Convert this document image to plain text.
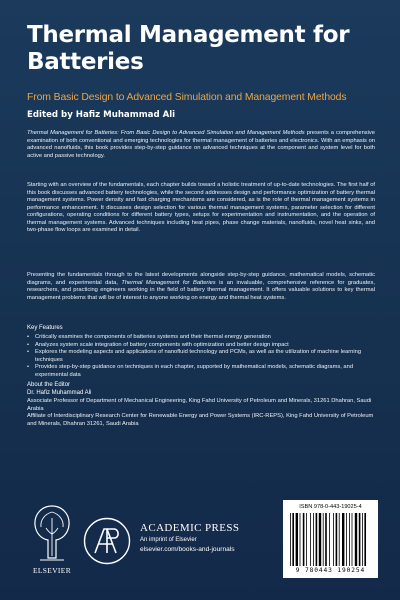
Thermal Management for Batteries
From Basic Design to Advanced Simulation and Management Methods
Edited by Hafiz Muhammad Ali

Thermal Management for Batteries: From Basic Design to Advanced Simulation and Management Methods presents a comprehensive examination of both conventional and emerging technologies for thermal management of batteries and electronics. With an emphasis on advanced nanofluids, this book provides step-by-step guidance on advanced techniques at the component and system level for both active and passive technology.

Starting with an overview of the fundamentals, each chapter builds toward a holistic treatment of up-to-date technologies. The first half of this book discusses advanced battery technologies, while the second addresses design and performance optimization of battery thermal management systems. Power density and fast charging mechanisms are considered, as is the role of thermal management systems in performance enhancement. It discusses design selection for various thermal management systems, parameter selection for different configurations, operating conditions for different battery types, setups for experimentation and instrumentation, and the operation of thermal management systems. Advanced techniques including heat pipes, phase change materials, nanofluids, novel heat sinks, and two-phase flow loops are examined in detail.

Presenting the fundamentals through to the latest developments alongside step-by-step guidance, mathematical models, schematic diagrams, and experimental data, Thermal Management for Batteries is an invaluable, comprehensive reference for graduates, researchers, and practicing engineers working in the field of battery thermal management. It offers valuable solutions to key thermal management problems that will be of interest to anyone working on energy and thermal heat systems.

Key Features
• Critically examines the components of batteries systems and their thermal energy generation
• Analyzes system scale integration of battery components with optimization and better design impact
• Explores the modeling aspects and applications of nanofluid technology and PCMs, as well as the utilization of machine learning techniques
• Provides step-by-step guidance on techniques in each chapter, supported by mathematical models, schematic diagrams, and experimental data
About the Editor
Dr. Hafiz Muhammad Ali

Associate Professor of Department of Mechanical Engineering, King Fahd University of Petroleum and Minerals, 31261 Dhahran, Saudi Arabia

Affiliate of Interdisciplinary Research Center for Renewable Energy and Power Systems (IRC-REPS), King Fahd University of Petroleum and Minerals, Dhahran 31261, Saudi Arabia

ELSEVIER
ACADEMIC PRESS
An imprint of Elsevier
elsevier.com/books-and-journals
ISBN 978-0-443-19025-4
9 780443 190254
